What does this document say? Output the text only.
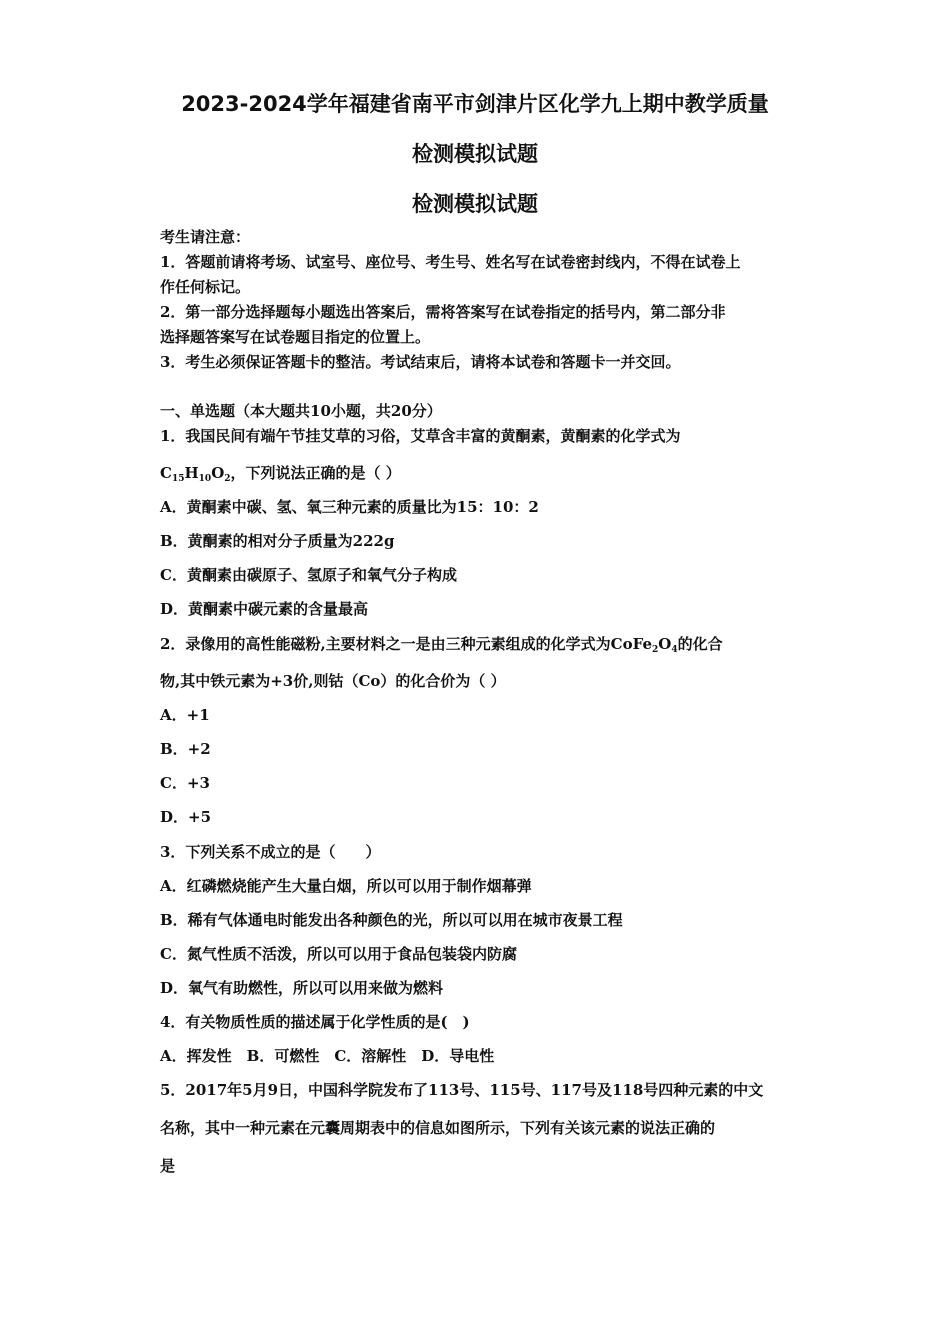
2023-2024学年福建省南平市剑津片区化学九上期中教学质量
检测模拟试题
检测模拟试题
考生请注意：
1．答题前请将考场、试室号、座位号、考生号、姓名写在试卷密封线内，不得在试卷上
作任何标记。
2．第一部分选择题每小题选出答案后，需将答案写在试卷指定的括号内，第二部分非
选择题答案写在试卷题目指定的位置上。
3．考生必须保证答题卡的整洁。考试结束后，请将本试卷和答题卡一并交回。
一、单选题（本大题共10小题，共20分）
1．我国民间有端午节挂艾草的习俗，艾草含丰富的黄酮素，黄酮素的化学式为
$C_{15}H_{10}O_2$，下列说法正确的是（ ）
A．黄酮素中碳、氢、氧三种元素的质量比为15：10：2
B．黄酮素的相对分子质量为222g
C．黄酮素由碳原子、氢原子和氧气分子构成
D．黄酮素中碳元素的含量最高
2．录像用的高性能磁粉,主要材料之一是由三种元素组成的化学式为$CoFe_2O_4$的化合
物,其中铁元素为+3价,则钴（Co）的化合价为（ ）
A．+1
B．+2
C．+3
D．+5
3．下列关系不成立的是（　　）
A．红磷燃烧能产生大量白烟，所以可以用于制作烟幕弹
B．稀有气体通电时能发出各种颜色的光，所以可以用在城市夜景工程
C．氮气性质不活泼，所以可以用于食品包装袋内防腐
D．氧气有助燃性，所以可以用来做为燃料
4．有关物质性质的描述属于化学性质的是(　)
A．挥发性　B．可燃性　C．溶解性　D．导电性
5．2017年5月9日，中国科学院发布了113号、115号、117号及118号四种元素的中文
名称，其中一种元素在元囊周期表中的信息如图所示，下列有关该元素的说法正确的
是
